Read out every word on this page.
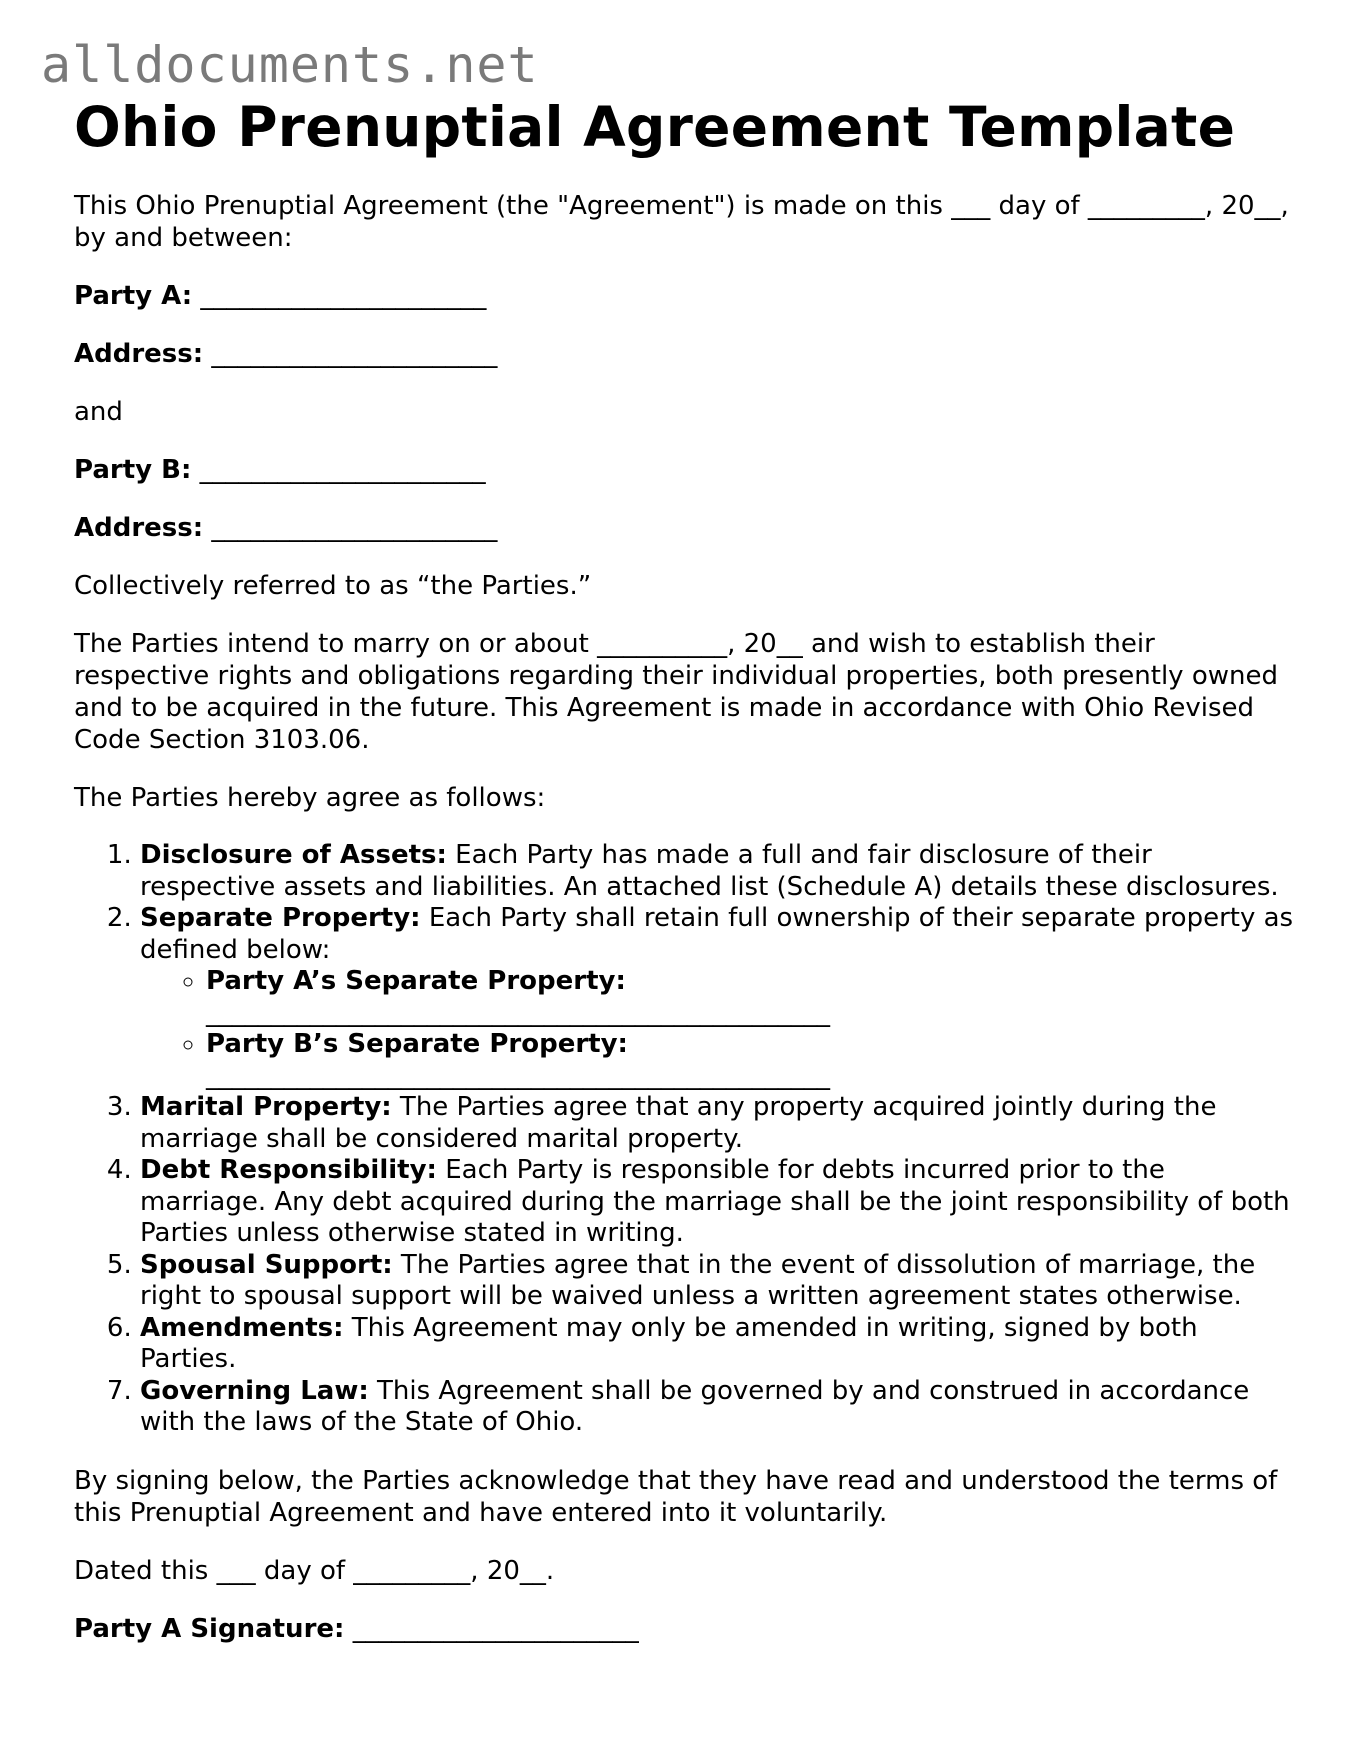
alldocuments.net
Ohio Prenuptial Agreement Template

This Ohio Prenuptial Agreement (the "Agreement") is made on this ___ day of _________, 20__, by and between:

Party A: ______________________

Address: ______________________

and

Party B: ______________________

Address: ______________________

Collectively referred to as “the Parties.”

The Parties intend to marry on or about __________, 20__ and wish to establish their respective rights and obligations regarding their individual properties, both presently owned and to be acquired in the future. This Agreement is made in accordance with Ohio Revised Code Section 3103.06.

The Parties hereby agree as follows:

1. Disclosure of Assets: Each Party has made a full and fair disclosure of their respective assets and liabilities. An attached list (Schedule A) details these disclosures.
2. Separate Property: Each Party shall retain full ownership of their separate property as defined below:
◦ Party A’s Separate Property:
________________________________________________
◦ Party B’s Separate Property:
________________________________________________
3. Marital Property: The Parties agree that any property acquired jointly during the marriage shall be considered marital property.
4. Debt Responsibility: Each Party is responsible for debts incurred prior to the marriage. Any debt acquired during the marriage shall be the joint responsibility of both Parties unless otherwise stated in writing.
5. Spousal Support: The Parties agree that in the event of dissolution of marriage, the right to spousal support will be waived unless a written agreement states otherwise.
6. Amendments: This Agreement may only be amended in writing, signed by both Parties.
7. Governing Law: This Agreement shall be governed by and construed in accordance with the laws of the State of Ohio.

By signing below, the Parties acknowledge that they have read and understood the terms of this Prenuptial Agreement and have entered into it voluntarily.

Dated this ___ day of _________, 20__.

Party A Signature: ______________________
